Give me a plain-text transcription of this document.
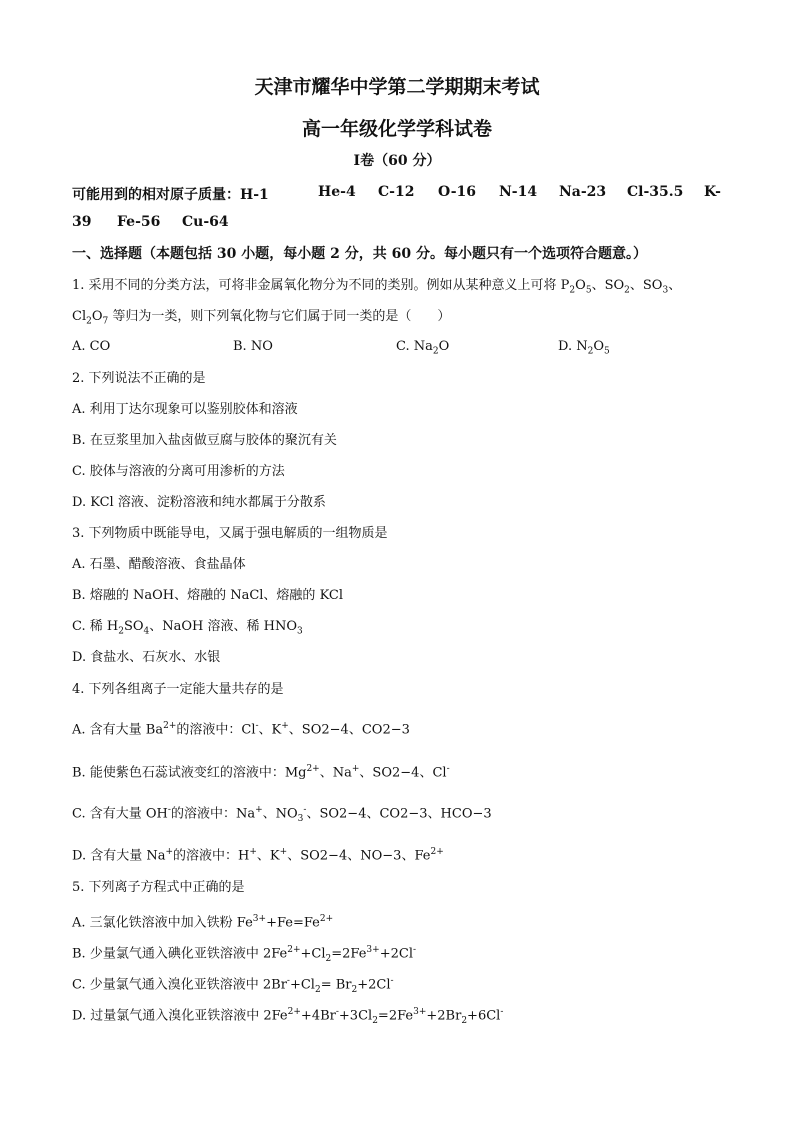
天津市耀华中学第二学期期末考试
高一年级化学学科试卷
Ⅰ卷（60 分）
可能用到的相对原子质量：H-1	He-4 C-12 O-16 N-14 Na-23 Cl-35.5 K-
39 Fe-56 Cu-64
一、选择题（本题包括 30 小题，每小题 2 分，共 60 分。每小题只有一个选项符合题意。）
1. 采用不同的分类方法，可将非金属氧化物分为不同的类别。例如从某种意义上可将 $P_2O_5$、$SO_2$、$SO_3$、
$Cl_2O_7$ 等归为一类，则下列氧化物与它们属于同一类的是（　　）
A. CO	B. NO	C. $Na_2O$	D. $N_2O_5$
2. 下列说法不正确的是
A. 利用丁达尔现象可以鉴别胶体和溶液
B. 在豆浆里加入盐卤做豆腐与胶体的聚沉有关
C. 胶体与溶液的分离可用渗析的方法
D. KCl 溶液、淀粉溶液和纯水都属于分散系
3. 下列物质中既能导电，又属于强电解质的一组物质是
A. 石墨、醋酸溶液、食盐晶体
B. 熔融的 NaOH、熔融的 NaCl、熔融的 KCl
C. 稀 $H_2SO_4$、NaOH 溶液、稀 $HNO_3$
D. 食盐水、石灰水、水银
4. 下列各组离子一定能大量共存的是
A. 含有大量 $Ba^{2+}$的溶液中：Cl-、K+、SO2−4、CO2−3
B. 能使紫色石蕊试液变红的溶液中：$Mg^{2+}$、Na+、SO2−4、Cl-
C. 含有大量 OH-的溶液中：Na+、$NO_3^-$、SO2−4、CO2−3、HCO−3
D. 含有大量 Na+的溶液中：H+、K+、SO2−4、NO−3、$Fe^{2+}$
5. 下列离子方程式中正确的是
A. 三氯化铁溶液中加入铁粉 $Fe^{3+}+Fe=Fe^{2+}$
B. 少量氯气通入碘化亚铁溶液中 $2Fe^{2+}+Cl_2=2Fe^{3+}+2Cl^-$
C. 少量氯气通入溴化亚铁溶液中 $2Br^-+Cl_2= Br_2+2Cl^-$
D. 过量氯气通入溴化亚铁溶液中 $2Fe^{2+}+4Br^-+3Cl_2=2Fe^{3+}+2Br_2+6Cl^-$
